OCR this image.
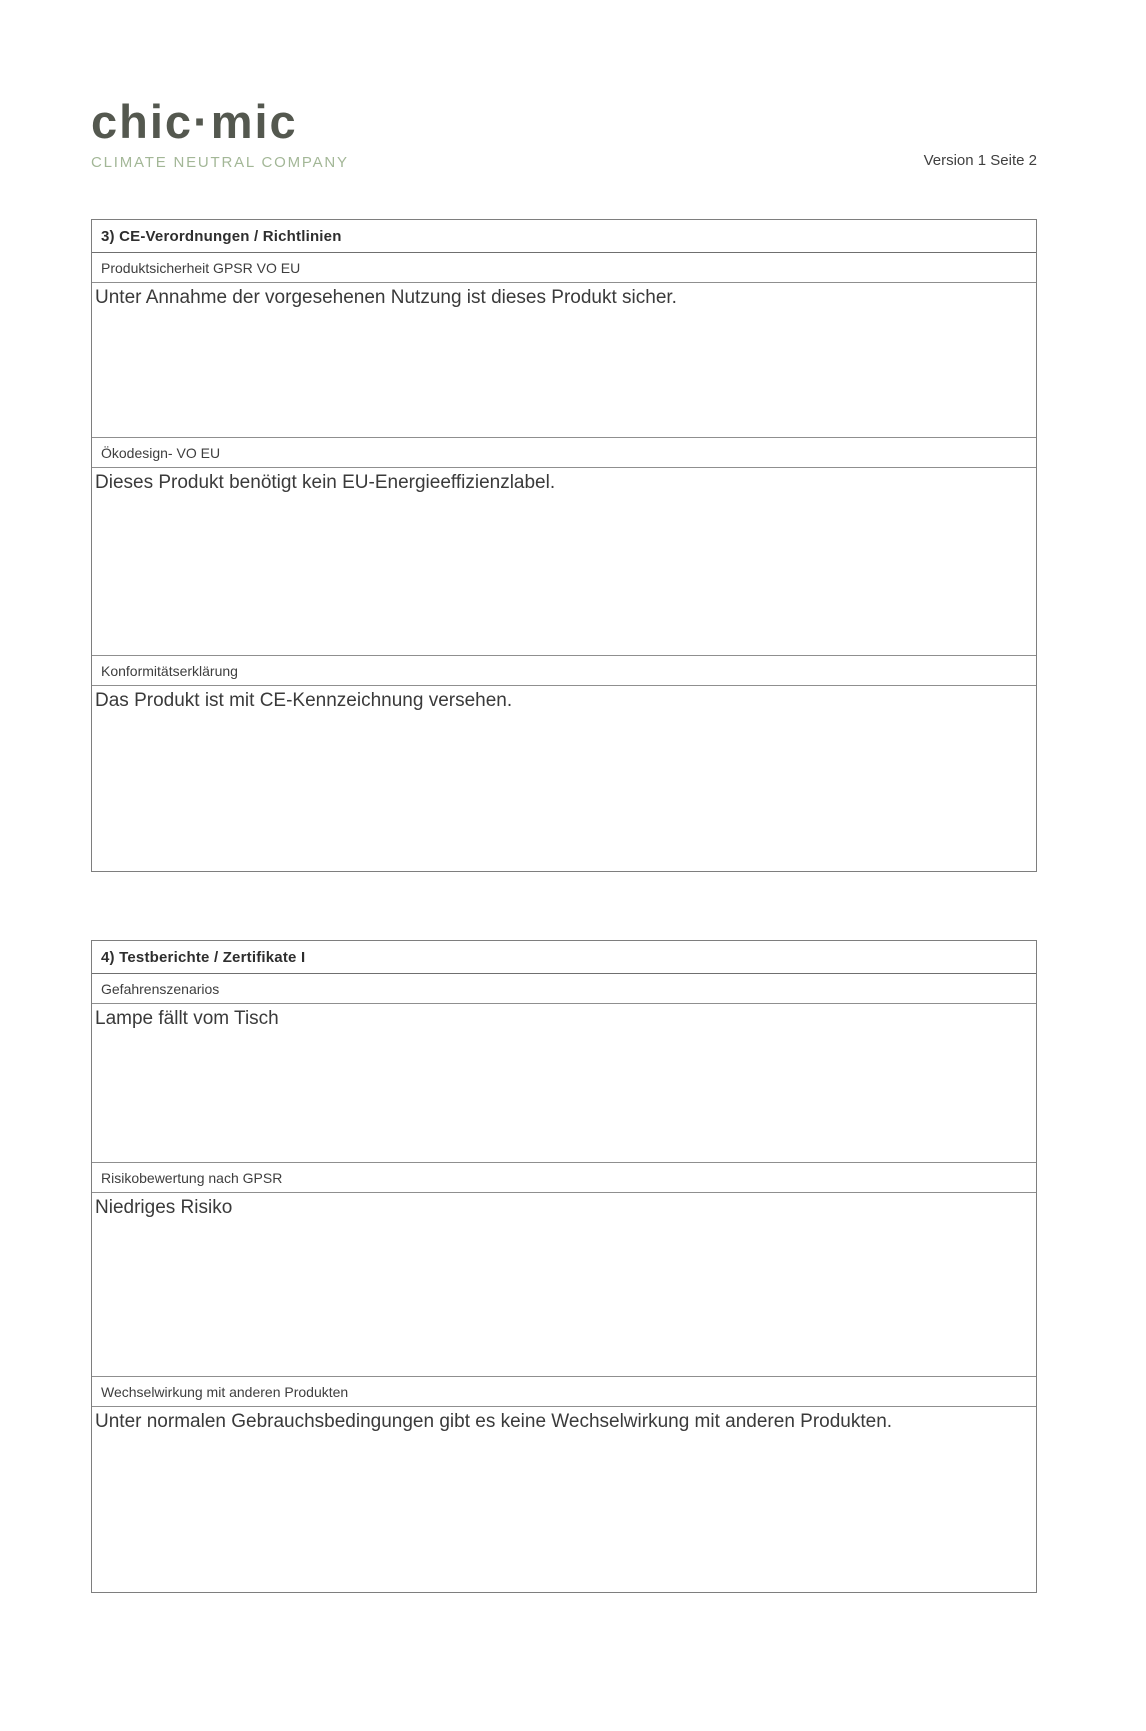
chic·mic
CLIMATE NEUTRAL COMPANY	Version 1 Seite 2
3) CE-Verordnungen / Richtlinien
Produktsicherheit GPSR VO EU
Unter Annahme der vorgesehenen Nutzung ist dieses Produkt sicher.
Ökodesign- VO EU
Dieses Produkt benötigt kein EU-Energieeffizienzlabel.
Konformitätserklärung
Das Produkt ist mit CE-Kennzeichnung versehen.
4) Testberichte / Zertifikate I
Gefahrenszenarios
Lampe fällt vom Tisch
Risikobewertung nach GPSR
Niedriges Risiko
Wechselwirkung mit anderen Produkten
Unter normalen Gebrauchsbedingungen gibt es keine Wechselwirkung mit anderen Produkten.
